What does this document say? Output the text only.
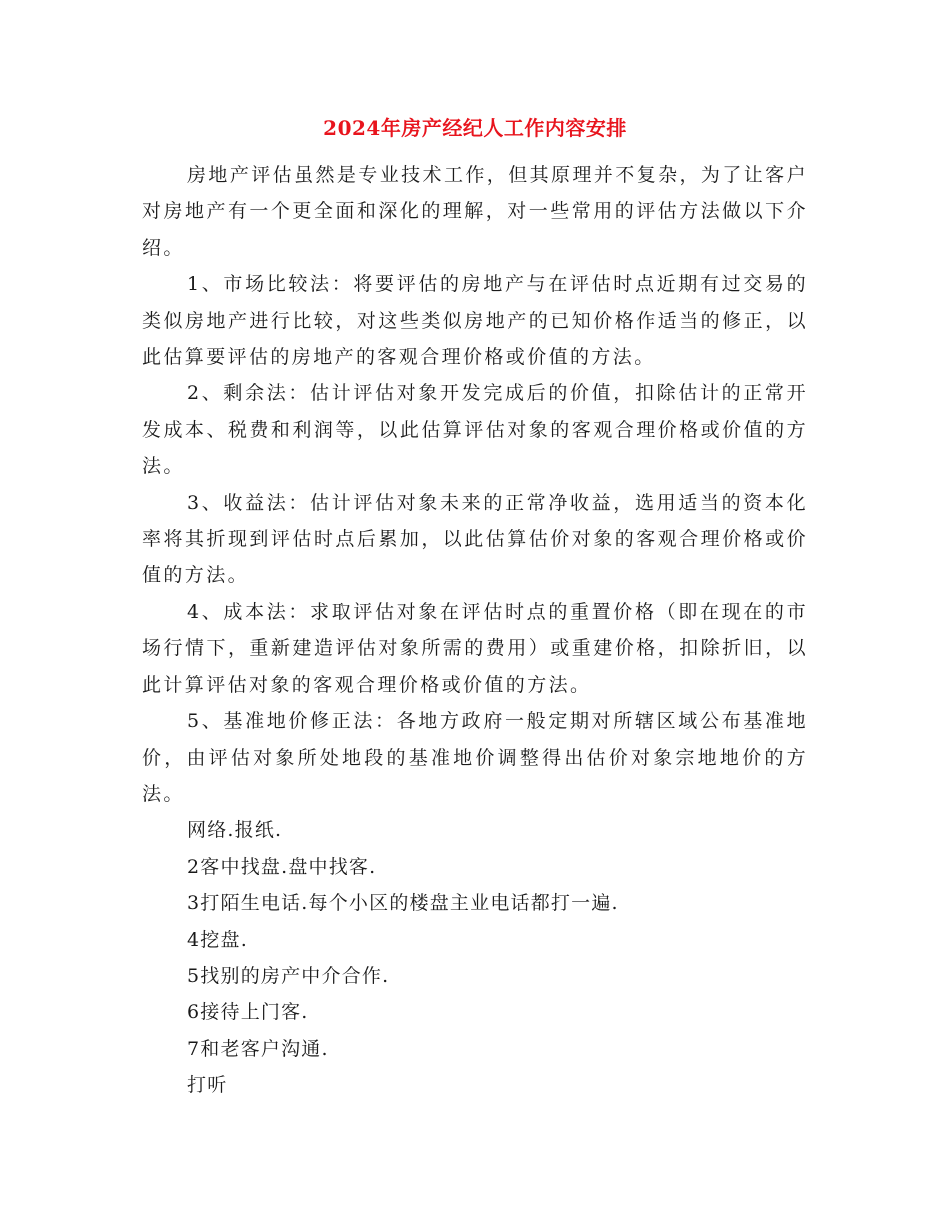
2024年房产经纪人工作内容安排

房地产评估虽然是专业技术工作，但其原理并不复杂，为了让客户对房地产有一个更全面和深化的理解，对一些常用的评估方法做以下介绍。

1、市场比较法：将要评估的房地产与在评估时点近期有过交易的类似房地产进行比较，对这些类似房地产的已知价格作适当的修正，以此估算要评估的房地产的客观合理价格或价值的方法。

2、剩余法：估计评估对象开发完成后的价值，扣除估计的正常开发成本、税费和利润等，以此估算评估对象的客观合理价格或价值的方法。

3、收益法：估计评估对象未来的正常净收益，选用适当的资本化率将其折现到评估时点后累加，以此估算估价对象的客观合理价格或价值的方法。

4、成本法：求取评估对象在评估时点的重置价格（即在现在的市场行情下，重新建造评估对象所需的费用）或重建价格，扣除折旧，以此计算评估对象的客观合理价格或价值的方法。

5、基准地价修正法：各地方政府一般定期对所辖区域公布基准地价，由评估对象所处地段的基准地价调整得出估价对象宗地地价的方法。

网络.报纸.

2客中找盘.盘中找客.

3打陌生电话.每个小区的楼盘主业电话都打一遍.

4挖盘.

5找别的房产中介合作.

6接待上门客.

7和老客户沟通.

打听
